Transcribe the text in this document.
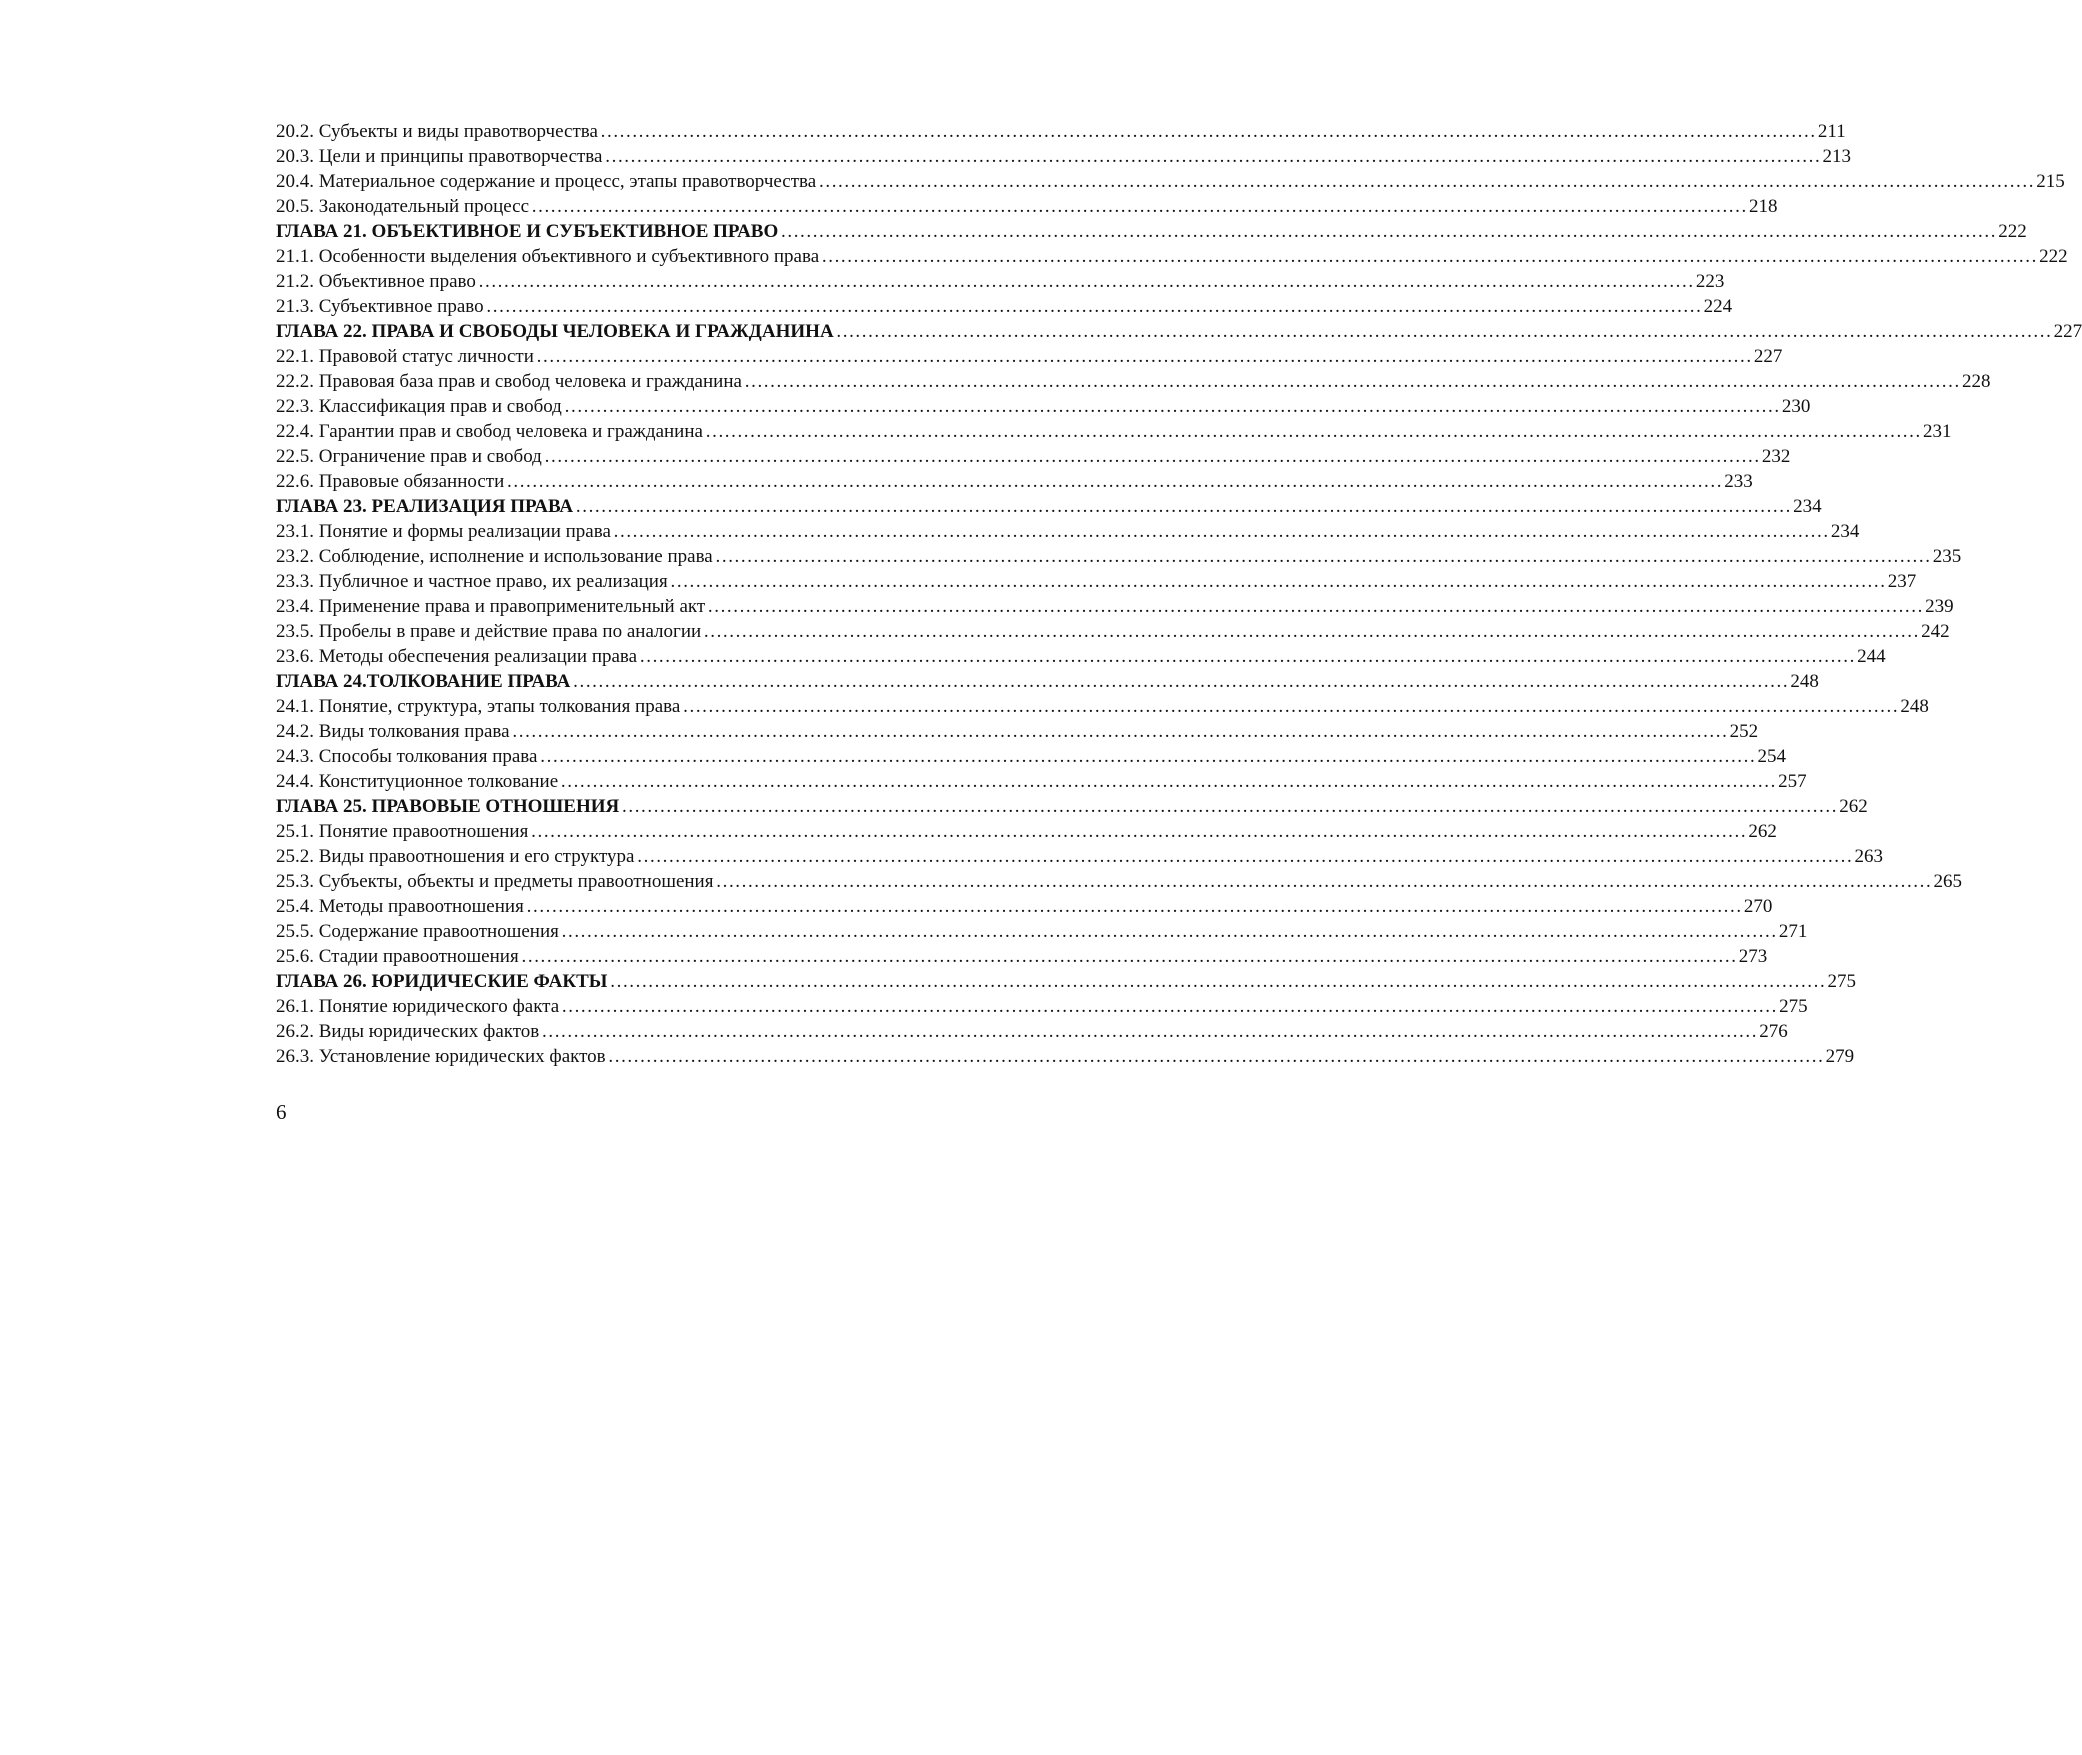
20.2. Субъекты и виды правотворчества …………………………………………………………………………………………………………………………………………………………………………	211
20.3. Цели и принципы правотворчества …………………………………………………………………………………………………………………………………………………………………………	213
20.4. Материальное содержание и процесс, этапы правотворчества …………………………………………………………………………………………………………………………………………………………………………	215
20.5. Законодательный процесс …………………………………………………………………………………………………………………………………………………………………………	218
ГЛАВА 21. ОБЪЕКТИВНОЕ И СУБЪЕКТИВНОЕ ПРАВО …………………………………………………………………………………………………………………………………………………………………………	222
21.1. Особенности выделения объективного и субъективного права …………………………………………………………………………………………………………………………………………………………………………	222
21.2. Объективное право …………………………………………………………………………………………………………………………………………………………………………	223
21.3. Субъективное право …………………………………………………………………………………………………………………………………………………………………………	224
ГЛАВА 22. ПРАВА И СВОБОДЫ ЧЕЛОВЕКА И ГРАЖДАНИНА …………………………………………………………………………………………………………………………………………………………………………	227
22.1. Правовой статус личности …………………………………………………………………………………………………………………………………………………………………………	227
22.2. Правовая база прав и свобод человека и гражданина …………………………………………………………………………………………………………………………………………………………………………	228
22.3. Классификация прав и свобод …………………………………………………………………………………………………………………………………………………………………………	230
22.4. Гарантии прав и свобод человека и гражданина …………………………………………………………………………………………………………………………………………………………………………	231
22.5. Ограничение прав и свобод …………………………………………………………………………………………………………………………………………………………………………	232
22.6. Правовые обязанности …………………………………………………………………………………………………………………………………………………………………………	233
ГЛАВА 23. РЕАЛИЗАЦИЯ ПРАВА …………………………………………………………………………………………………………………………………………………………………………	234
23.1. Понятие и формы реализации права …………………………………………………………………………………………………………………………………………………………………………	234
23.2. Соблюдение, исполнение и использование права …………………………………………………………………………………………………………………………………………………………………………	235
23.3. Публичное и частное право, их реализация …………………………………………………………………………………………………………………………………………………………………………	237
23.4. Применение права и правоприменительный акт …………………………………………………………………………………………………………………………………………………………………………	239
23.5. Пробелы в праве и действие права по аналогии …………………………………………………………………………………………………………………………………………………………………………	242
23.6. Методы обеспечения реализации права …………………………………………………………………………………………………………………………………………………………………………	244
ГЛАВА 24.ТОЛКОВАНИЕ ПРАВА …………………………………………………………………………………………………………………………………………………………………………	248
24.1. Понятие, структура, этапы толкования права …………………………………………………………………………………………………………………………………………………………………………	248
24.2. Виды толкования права …………………………………………………………………………………………………………………………………………………………………………	252
24.3. Способы толкования права …………………………………………………………………………………………………………………………………………………………………………	254
24.4. Конституционное толкование …………………………………………………………………………………………………………………………………………………………………………	257
ГЛАВА 25. ПРАВОВЫЕ ОТНОШЕНИЯ …………………………………………………………………………………………………………………………………………………………………………	262
25.1. Понятие правоотношения …………………………………………………………………………………………………………………………………………………………………………	262
25.2. Виды правоотношения и его структура …………………………………………………………………………………………………………………………………………………………………………	263
25.3. Субъекты, объекты и предметы правоотношения …………………………………………………………………………………………………………………………………………………………………………	265
25.4. Методы правоотношения …………………………………………………………………………………………………………………………………………………………………………	270
25.5. Содержание правоотношения …………………………………………………………………………………………………………………………………………………………………………	271
25.6. Стадии правоотношения …………………………………………………………………………………………………………………………………………………………………………	273
ГЛАВА 26. ЮРИДИЧЕСКИЕ ФАКТЫ …………………………………………………………………………………………………………………………………………………………………………	275
26.1. Понятие юридического факта …………………………………………………………………………………………………………………………………………………………………………	275
26.2. Виды юридических фактов …………………………………………………………………………………………………………………………………………………………………………	276
26.3. Установление юридических фактов …………………………………………………………………………………………………………………………………………………………………………	279
6
